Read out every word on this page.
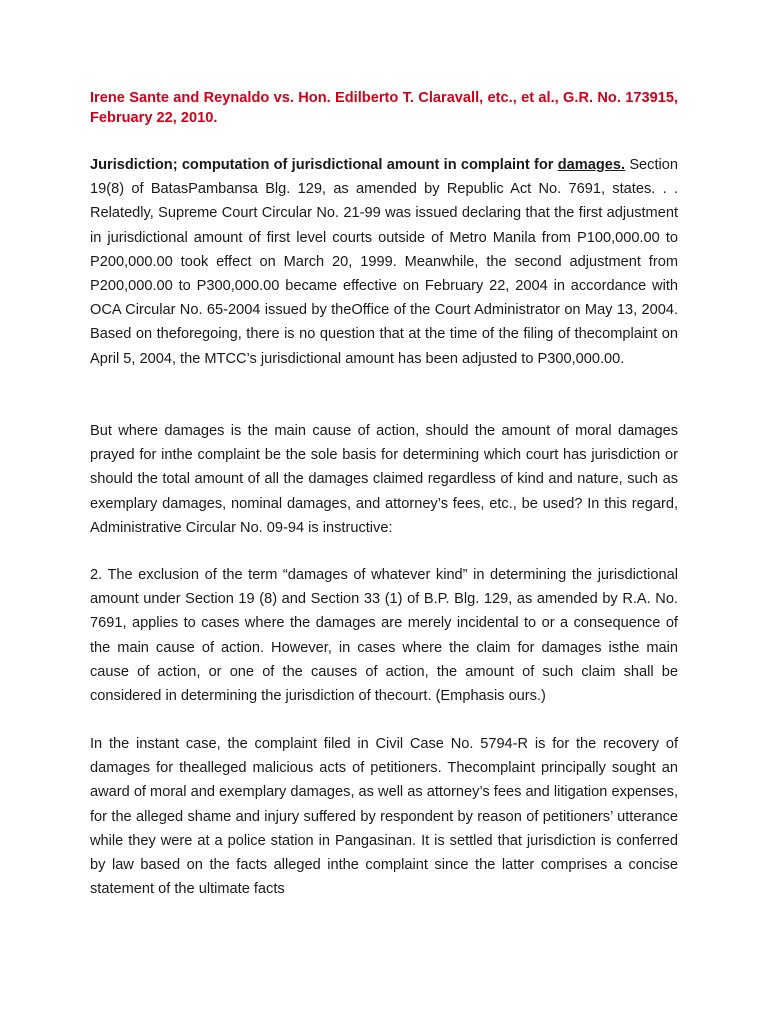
Irene Sante and Reynaldo vs. Hon. Edilberto T. Claravall, etc., et al., G.R. No. 173915, February 22, 2010.

Jurisdiction; computation of jurisdictional amount in complaint for damages. Section 19(8) of BatasPambansa Blg. 129, as amended by Republic Act No. 7691, states. . . Relatedly, Supreme Court Circular No. 21-99 was issued declaring that the first adjustment in jurisdictional amount of first level courts outside of Metro Manila from P100,000.00 to P200,000.00 took effect on March 20, 1999. Meanwhile, the second adjustment from P200,000.00 to P300,000.00 became effective on February 22, 2004 in accordance with OCA Circular No. 65-2004 issued by theOffice of the Court Administrator on May 13, 2004. Based on theforegoing, there is no question that at the time of the filing of thecomplaint on April 5, 2004, the MTCC’s jurisdictional amount has been adjusted to P300,000.00.

But where damages is the main cause of action, should the amount of moral damages prayed for inthe complaint be the sole basis for determining which court has jurisdiction or should the total amount of all the damages claimed regardless of kind and nature, such as exemplary damages, nominal damages, and attorney’s fees, etc., be used? In this regard, Administrative Circular No. 09-94 is instructive:

2. The exclusion of the term “damages of whatever kind” in determining the jurisdictional amount under Section 19 (8) and Section 33 (1) of B.P. Blg. 129, as amended by R.A. No. 7691, applies to cases where the damages are merely incidental to or a consequence of the main cause of action. However, in cases where the claim for damages isthe main cause of action, or one of the causes of action, the amount of such claim shall be considered in determining the jurisdiction of thecourt. (Emphasis ours.)

In the instant case, the complaint filed in Civil Case No. 5794-R is for the recovery of damages for thealleged malicious acts of petitioners. Thecomplaint principally sought an award of moral and exemplary damages, as well as attorney’s fees and litigation expenses, for the alleged shame and injury suffered by respondent by reason of petitioners’ utterance while they were at a police station in Pangasinan. It is settled that jurisdiction is conferred by law based on the facts alleged inthe complaint since the latter comprises a concise statement of the ultimate facts
